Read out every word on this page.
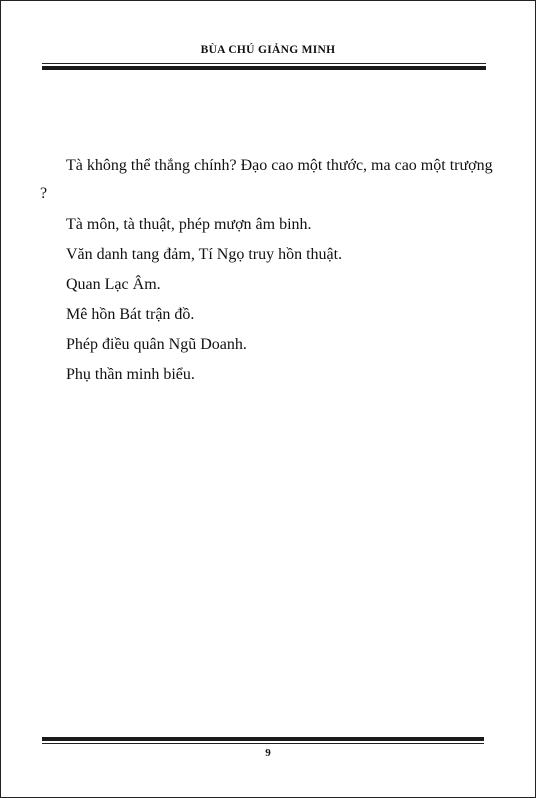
BÙA CHÚ GIẢNG MINH

Tà không thể thắng chính? Đạo cao một thước, ma cao một trượng ?

Tà môn, tà thuật, phép mượn âm binh.

Văn danh tang đảm, Tí Ngọ truy hồn thuật.

Quan Lạc Âm.

Mê hồn Bát trận đồ.

Phép điều quân Ngũ Doanh.

Phụ thần minh biểu.

9
